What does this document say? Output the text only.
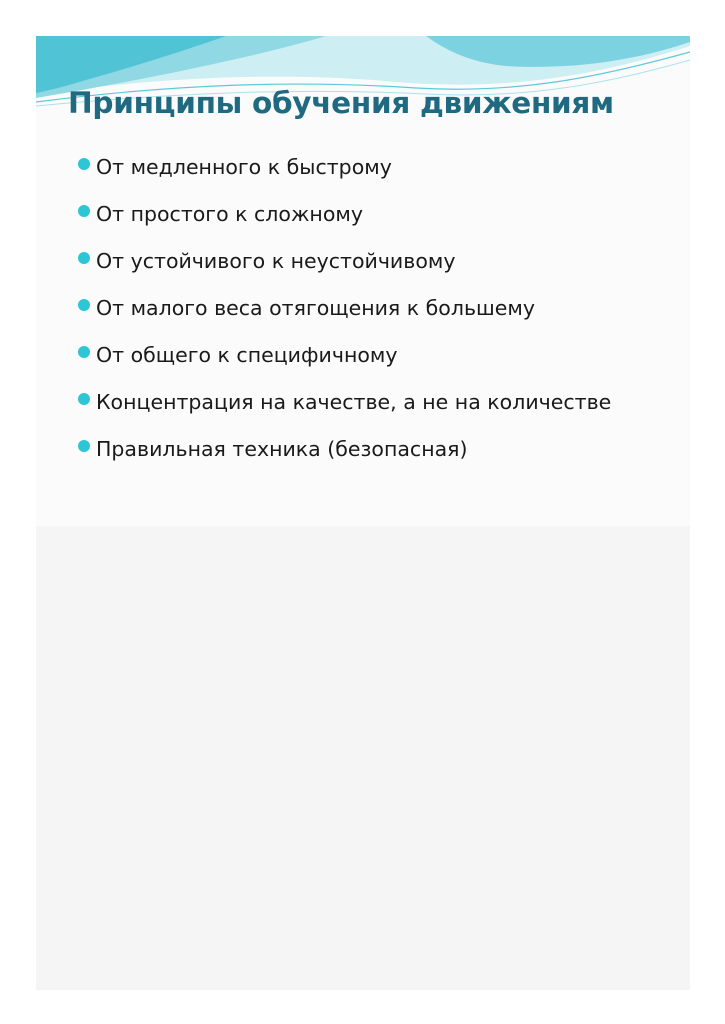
Принципы обучения движениям
От медленного к быстрому
От простого к сложному
От устойчивого к неустойчивому
От малого веса отягощения к большему
От общего к специфичному
Концентрация на качестве, а не на количестве
Правильная техника (безопасная)
